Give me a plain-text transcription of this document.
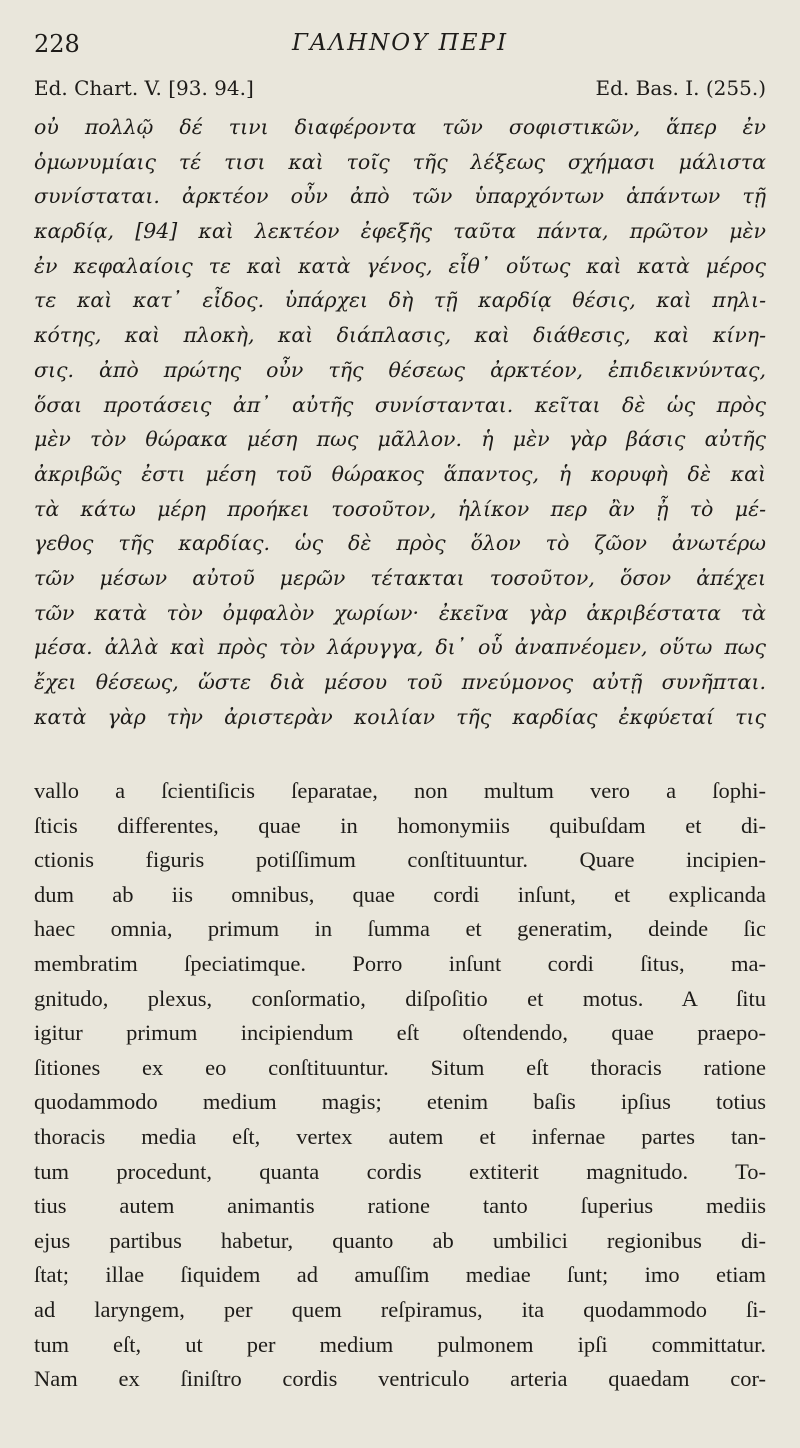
228	ΓΑΛΗΝΟΥ ΠΕΡΙ
Ed. Chart. V. [93. 94.]	Ed. Bas. I. (255.)
οὐ πολλῷ δέ τινι διαφέροντα τῶν σοφιστικῶν, ἅπερ ἐν
ὁμωνυμίαις τέ τισι καὶ τοῖς τῆς λέξεως σχήμασι μάλιστα
συνίσταται. ἀρκτέον οὖν ἀπὸ τῶν ὑπαρχόντων ἁπάντων τῇ
καρδίᾳ, [94] καὶ λεκτέον ἐφεξῆς ταῦτα πάντα, πρῶτον μὲν
ἐν κεφαλαίοις τε καὶ κατὰ γένος, εἶθ᾽ οὕτως καὶ κατὰ μέρος
τε καὶ κατ᾽ εἶδος. ὑπάρχει δὴ τῇ καρδίᾳ θέσις, καὶ πηλι-
κότης, καὶ πλοκὴ, καὶ διάπλασις, καὶ διάθεσις, καὶ κίνη-
σις. ἀπὸ πρώτης οὖν τῆς θέσεως ἀρκτέον, ἐπιδεικνύντας,
ὅσαι προτάσεις ἀπ᾽ αὐτῆς συνίστανται. κεῖται δὲ ὡς πρὸς
μὲν τὸν θώρακα μέση πως μᾶλλον. ἡ μὲν γὰρ βάσις αὐτῆς
ἀκριβῶς ἐστι μέση τοῦ θώρακος ἅπαντος, ἡ κορυφὴ δὲ καὶ
τὰ κάτω μέρη προήκει τοσοῦτον, ἡλίκον περ ἂν ᾖ τὸ μέ-
γεθος τῆς καρδίας. ὡς δὲ πρὸς ὅλον τὸ ζῶον ἀνωτέρω
τῶν μέσων αὐτοῦ μερῶν τέτακται τοσοῦτον, ὅσον ἀπέχει
τῶν κατὰ τὸν ὀμφαλὸν χωρίων· ἐκεῖνα γὰρ ἀκριβέστατα τὰ
μέσα. ἀλλὰ καὶ πρὸς τὸν λάρυγγα, δι᾽ οὗ ἀναπνέομεν, οὕτω πως
ἔχει θέσεως, ὥστε διὰ μέσου τοῦ πνεύμονος αὐτῇ συνῆπται.
κατὰ γὰρ τὴν ἀριστερὰν κοιλίαν τῆς καρδίας ἐκφύεταί τις
vallo a ſcientiſicis ſeparatae, non multum vero a ſophi-
ſticis differentes, quae in homonymiis quibuſdam et di-
ctionis figuris potiſſimum conſtituuntur. Quare incipien-
dum ab iis omnibus, quae cordi inſunt, et explicanda
haec omnia, primum in ſumma et generatim, deinde ſic
membratim ſpeciatimque. Porro inſunt cordi ſitus, ma-
gnitudo, plexus, conſormatio, diſpoſitio et motus. A ſitu
igitur primum incipiendum eſt oſtendendo, quae praepo-
ſitiones ex eo conſtituuntur. Situm eſt thoracis ratione
quodammodo medium magis; etenim baſis ipſius totius
thoracis media eſt, vertex autem et infernae partes tan-
tum procedunt, quanta cordis extiterit magnitudo. To-
tius autem animantis ratione tanto ſuperius mediis
ejus partibus habetur, quanto ab umbilici regionibus di-
ſtat; illae ſiquidem ad amuſſim mediae ſunt; imo etiam
ad laryngem, per quem reſpiramus, ita quodammodo ſi-
tum eſt, ut per medium pulmonem ipſi committatur.
Nam ex ſiniſtro cordis ventriculo arteria quaedam cor-
